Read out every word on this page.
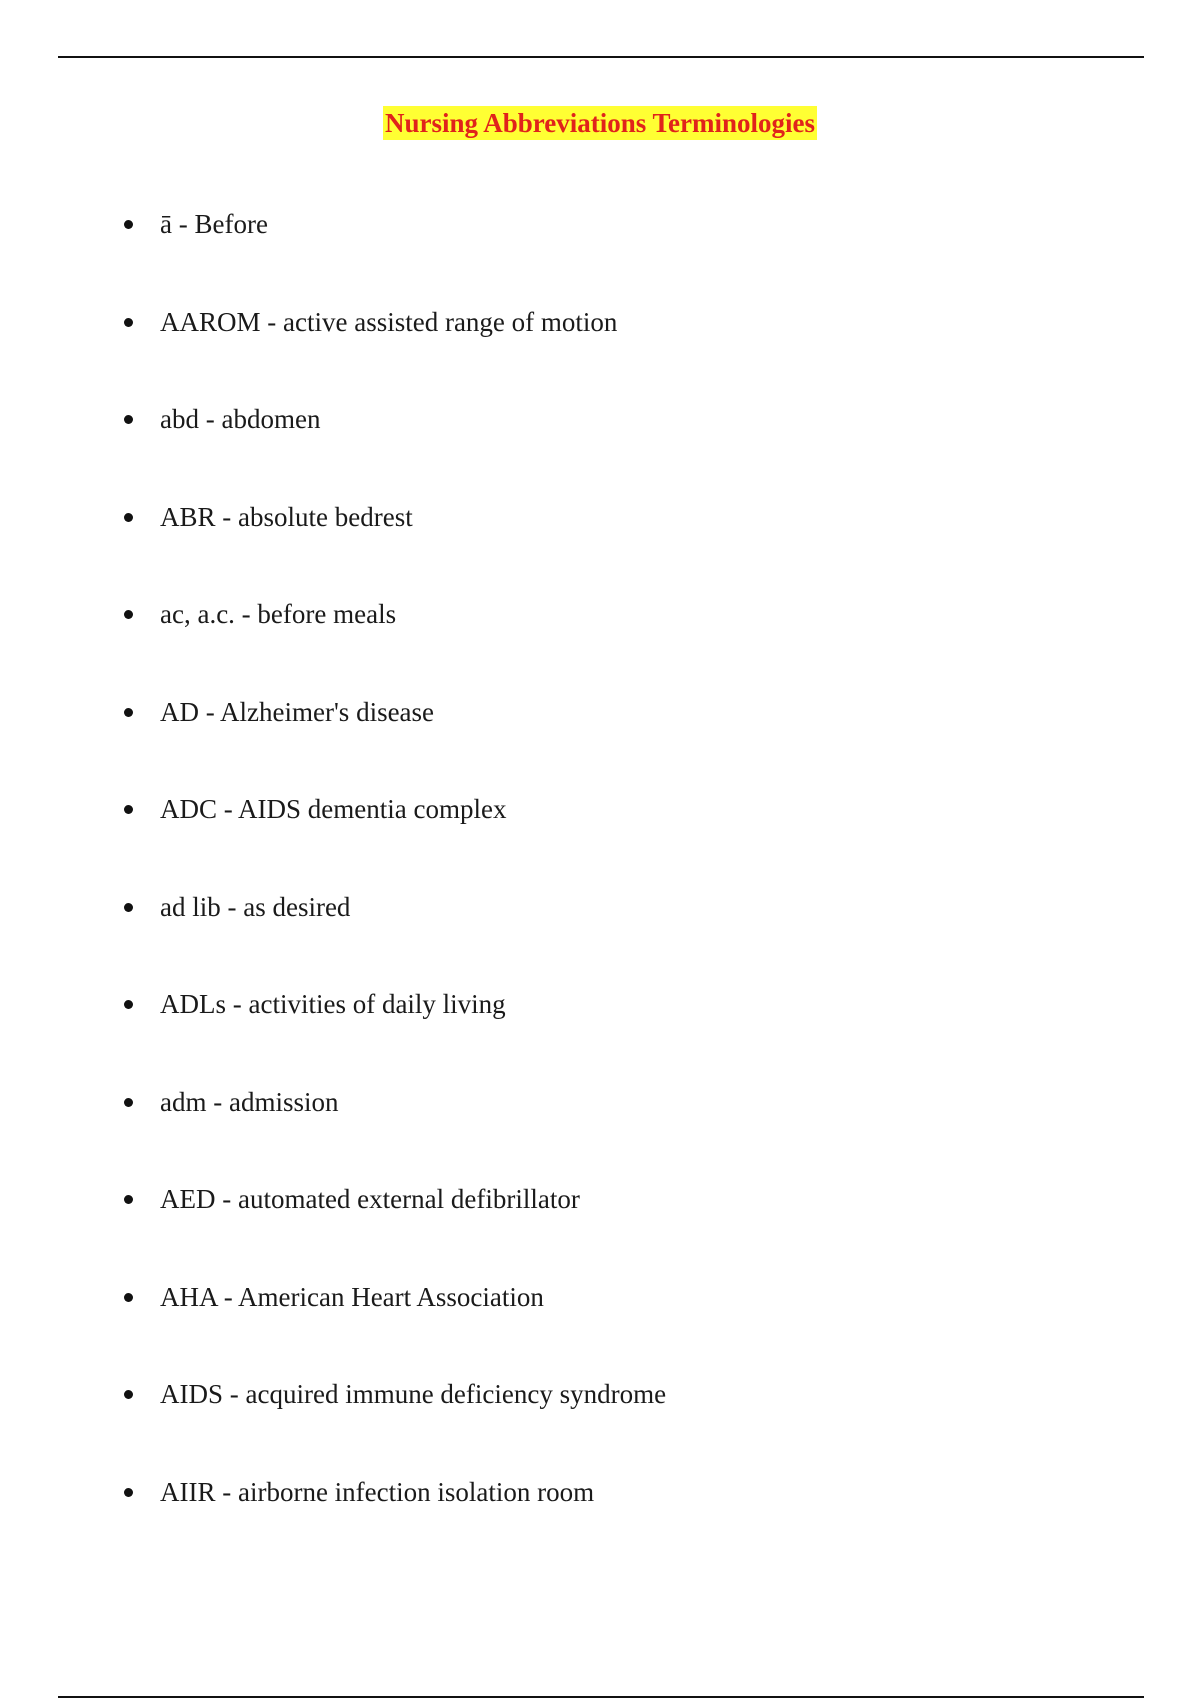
Nursing Abbreviations Terminologies
ā - Before
AAROM - active assisted range of motion
abd - abdomen
ABR - absolute bedrest
ac, a.c. - before meals
AD - Alzheimer's disease
ADC - AIDS dementia complex
ad lib - as desired
ADLs - activities of daily living
adm - admission
AED - automated external defibrillator
AHA - American Heart Association
AIDS - acquired immune deficiency syndrome
AIIR - airborne infection isolation room
